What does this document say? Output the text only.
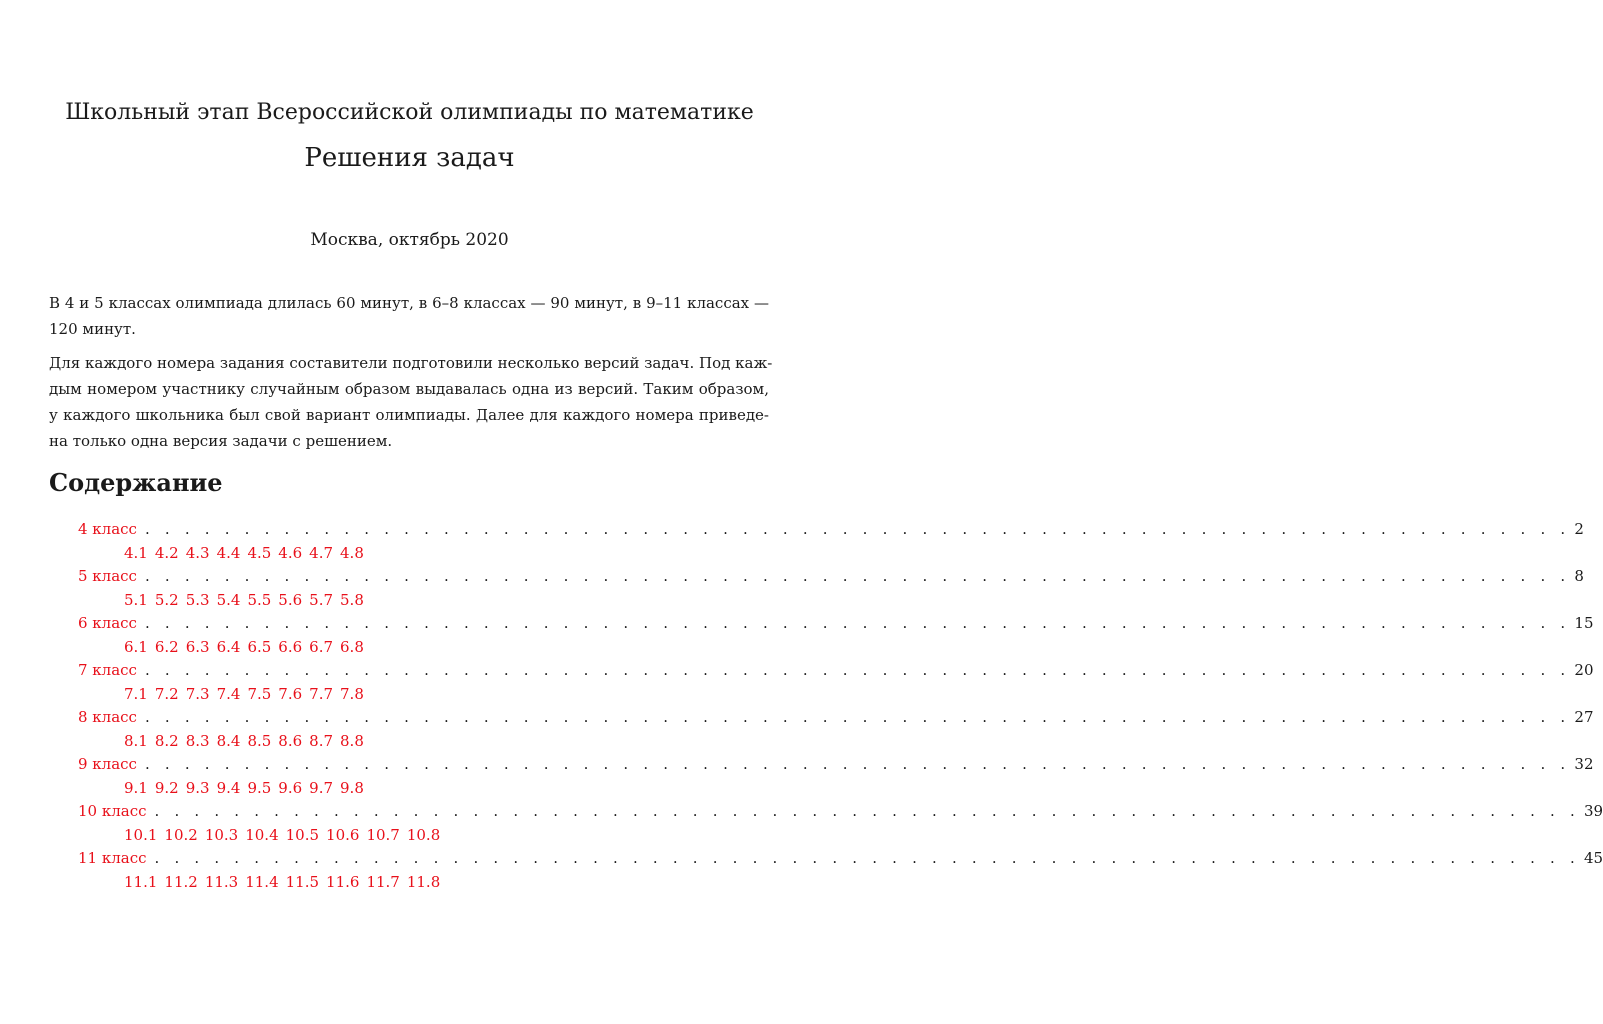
Школьный этап Всероссийской олимпиады по математике
Решения задач
Москва, октябрь 2020
В 4 и 5 классах олимпиада длилась 60 минут, в 6–8 классах — 90 минут, в 9–11 классах —
120 минут.
Для каждого номера задания составители подготовили несколько версий задач. Под каж-
дым номером участнику случайным образом выдавалась одна из версий. Таким образом,
у каждого школьника был свой вариант олимпиады. Далее для каждого номера приведе-
на только одна версия задачи с решением.
Содержание
4 класс . . . . . . . . . . . . . . . . . . . . . . . . . . . . . . . . . . . . . . . . . . . . . . . . . . . . . . . . . . . . . . . . . . . . . . . . 2
4.1 4.2 4.3 4.4 4.5 4.6 4.7 4.8
5 класс . . . . . . . . . . . . . . . . . . . . . . . . . . . . . . . . . . . . . . . . . . . . . . . . . . . . . . . . . . . . . . . . . . . . . . . . 8
5.1 5.2 5.3 5.4 5.5 5.6 5.7 5.8
6 класс . . . . . . . . . . . . . . . . . . . . . . . . . . . . . . . . . . . . . . . . . . . . . . . . . . . . . . . . . . . . . . . . . . . . . . . . 15
6.1 6.2 6.3 6.4 6.5 6.6 6.7 6.8
7 класс . . . . . . . . . . . . . . . . . . . . . . . . . . . . . . . . . . . . . . . . . . . . . . . . . . . . . . . . . . . . . . . . . . . . . . . . 20
7.1 7.2 7.3 7.4 7.5 7.6 7.7 7.8
8 класс . . . . . . . . . . . . . . . . . . . . . . . . . . . . . . . . . . . . . . . . . . . . . . . . . . . . . . . . . . . . . . . . . . . . . . . . 27
8.1 8.2 8.3 8.4 8.5 8.6 8.7 8.8
9 класс . . . . . . . . . . . . . . . . . . . . . . . . . . . . . . . . . . . . . . . . . . . . . . . . . . . . . . . . . . . . . . . . . . . . . . . . 32
9.1 9.2 9.3 9.4 9.5 9.6 9.7 9.8
10 класс . . . . . . . . . . . . . . . . . . . . . . . . . . . . . . . . . . . . . . . . . . . . . . . . . . . . . . . . . . . . . . . . . . . . . . . . 39
10.1 10.2 10.3 10.4 10.5 10.6 10.7 10.8
11 класс . . . . . . . . . . . . . . . . . . . . . . . . . . . . . . . . . . . . . . . . . . . . . . . . . . . . . . . . . . . . . . . . . . . . . . . . 45
11.1 11.2 11.3 11.4 11.5 11.6 11.7 11.8
